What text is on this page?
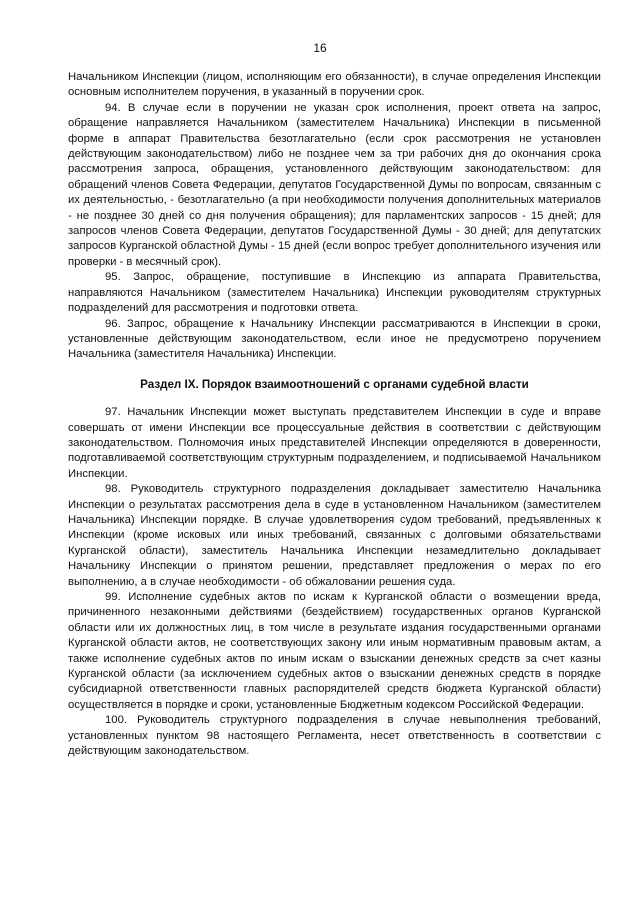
16

Начальником Инспекции (лицом, исполняющим его обязанности), в случае определения Инспекции основным исполнителем поручения, в указанный в поручении срок.

94. В случае если в поручении не указан срок исполнения, проект ответа на запрос, обращение направляется Начальником (заместителем Начальника) Инспекции в письменной форме в аппарат Правительства безотлагательно (если срок рассмотрения не установлен действующим законодательством) либо не позднее чем за три рабочих дня до окончания срока рассмотрения запроса, обращения, установленного действующим законодательством: для обращений членов Совета Федерации, депутатов Государственной Думы по вопросам, связанным с их деятельностью, - безотлагательно (а при необходимости получения дополнительных материалов - не позднее 30 дней со дня получения обращения); для парламентских запросов - 15 дней; для запросов членов Совета Федерации, депутатов Государственной Думы - 30 дней; для депутатских запросов Курганской областной Думы - 15 дней (если вопрос требует дополнительного изучения или проверки - в месячный срок).

95. Запрос, обращение, поступившие в Инспекцию из аппарата Правительства, направляются Начальником (заместителем Начальника) Инспекции руководителям структурных подразделений для рассмотрения и подготовки ответа.

96. Запрос, обращение к Начальнику Инспекции рассматриваются в Инспекции в сроки, установленные действующим законодательством, если иное не предусмотрено поручением Начальника (заместителя Начальника) Инспекции.

Раздел IX. Порядок взаимоотношений с органами судебной власти

97. Начальник Инспекции может выступать представителем Инспекции в суде и вправе совершать от имени Инспекции все процессуальные действия в соответствии с действующим законодательством. Полномочия иных представителей Инспекции определяются в доверенности, подготавливаемой соответствующим структурным подразделением, и подписываемой Начальником Инспекции.

98. Руководитель структурного подразделения докладывает заместителю Начальника Инспекции о результатах рассмотрения дела в суде в установленном Начальником (заместителем Начальника) Инспекции порядке. В случае удовлетворения судом требований, предъявленных к Инспекции (кроме исковых или иных требований, связанных с долговыми обязательствами Курганской области), заместитель Начальника Инспекции незамедлительно докладывает Начальнику Инспекции о принятом решении, представляет предложения о мерах по его выполнению, а в случае необходимости - об обжаловании решения суда.

99. Исполнение судебных актов по искам к Курганской области о возмещении вреда, причиненного незаконными действиями (бездействием) государственных органов Курганской области или их должностных лиц, в том числе в результате издания государственными органами Курганской области актов, не соответствующих закону или иным нормативным правовым актам, а также исполнение судебных актов по иным искам о взыскании денежных средств за счет казны Курганской области (за исключением судебных актов о взыскании денежных средств в порядке субсидиарной ответственности главных распорядителей средств бюджета Курганской области) осуществляется в порядке и сроки, установленные Бюджетным кодексом Российской Федерации.

100. Руководитель структурного подразделения в случае невыполнения требований, установленных пунктом 98 настоящего Регламента, несет ответственность в соответствии с действующим законодательством.
